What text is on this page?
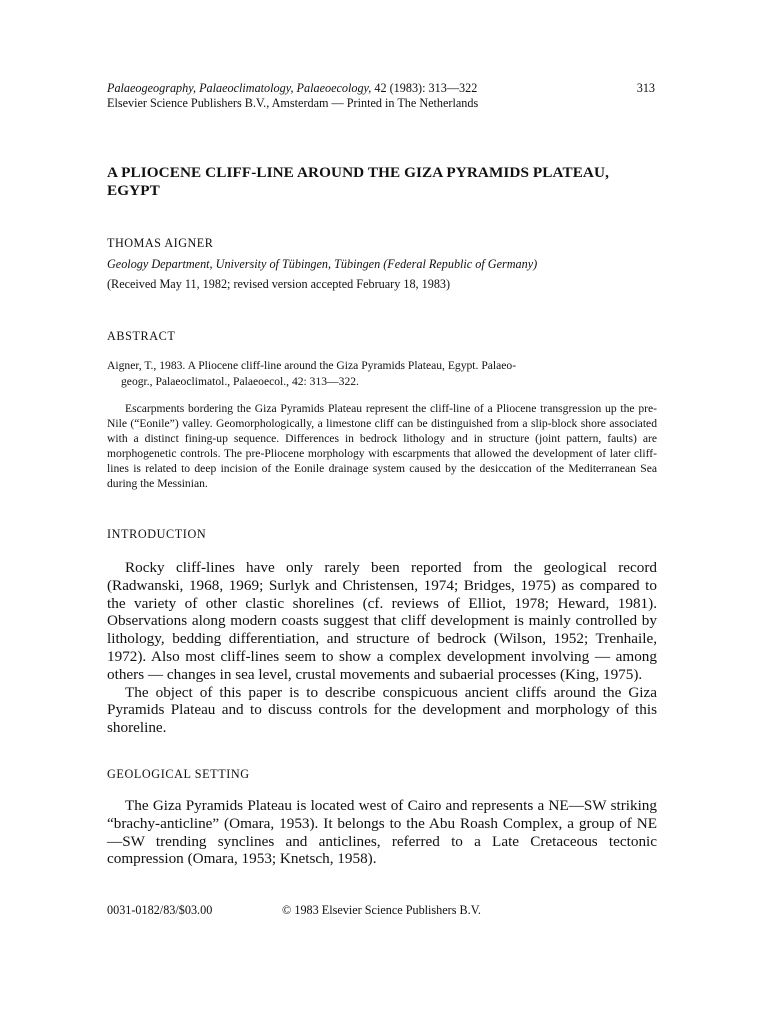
Palaeogeography, Palaeoclimatology, Palaeoecology, 42 (1983): 313—322	313
Elsevier Science Publishers B.V., Amsterdam — Printed in The Netherlands
A PLIOCENE CLIFF-LINE AROUND THE GIZA PYRAMIDS PLATEAU, EGYPT
THOMAS AIGNER
Geology Department, University of Tübingen, Tübingen (Federal Republic of Germany)
(Received May 11, 1982; revised version accepted February 18, 1983)
ABSTRACT
Aigner, T., 1983. A Pliocene cliff-line around the Giza Pyramids Plateau, Egypt. Palaeo-
geogr., Palaeoclimatol., Palaeoecol., 42: 313—322.

Escarpments bordering the Giza Pyramids Plateau represent the cliff-line of a Pliocene transgression up the pre-Nile (“Eonile”) valley. Geomorphologically, a limestone cliff can be distinguished from a slip-block shore associated with a distinct fining-up sequence. Differences in bedrock lithology and in structure (joint pattern, faults) are morphogenetic controls. The pre-Pliocene morphology with escarpments that allowed the development of later cliff-lines is related to deep incision of the Eonile drainage system caused by the desiccation of the Mediterranean Sea during the Messinian.

INTRODUCTION

Rocky cliff-lines have only rarely been reported from the geological record (Radwanski, 1968, 1969; Surlyk and Christensen, 1974; Bridges, 1975) as compared to the variety of other clastic shorelines (cf. reviews of Elliot, 1978; Heward, 1981). Observations along modern coasts suggest that cliff development is mainly controlled by lithology, bedding differentiation, and structure of bedrock (Wilson, 1952; Trenhaile, 1972). Also most cliff-lines seem to show a complex development involving — among others — changes in sea level, crustal movements and subaerial processes (King, 1975).

The object of this paper is to describe conspicuous ancient cliffs around the Giza Pyramids Plateau and to discuss controls for the development and morphology of this shoreline.

GEOLOGICAL SETTING

The Giza Pyramids Plateau is located west of Cairo and represents a NE—SW striking “brachy-anticline” (Omara, 1953). It belongs to the Abu Roash Complex, a group of NE—SW trending synclines and anticlines, referred to a Late Cretaceous tectonic compression (Omara, 1953; Knetsch, 1958).

0031-0182/83/$03.00	© 1983 Elsevier Science Publishers B.V.
